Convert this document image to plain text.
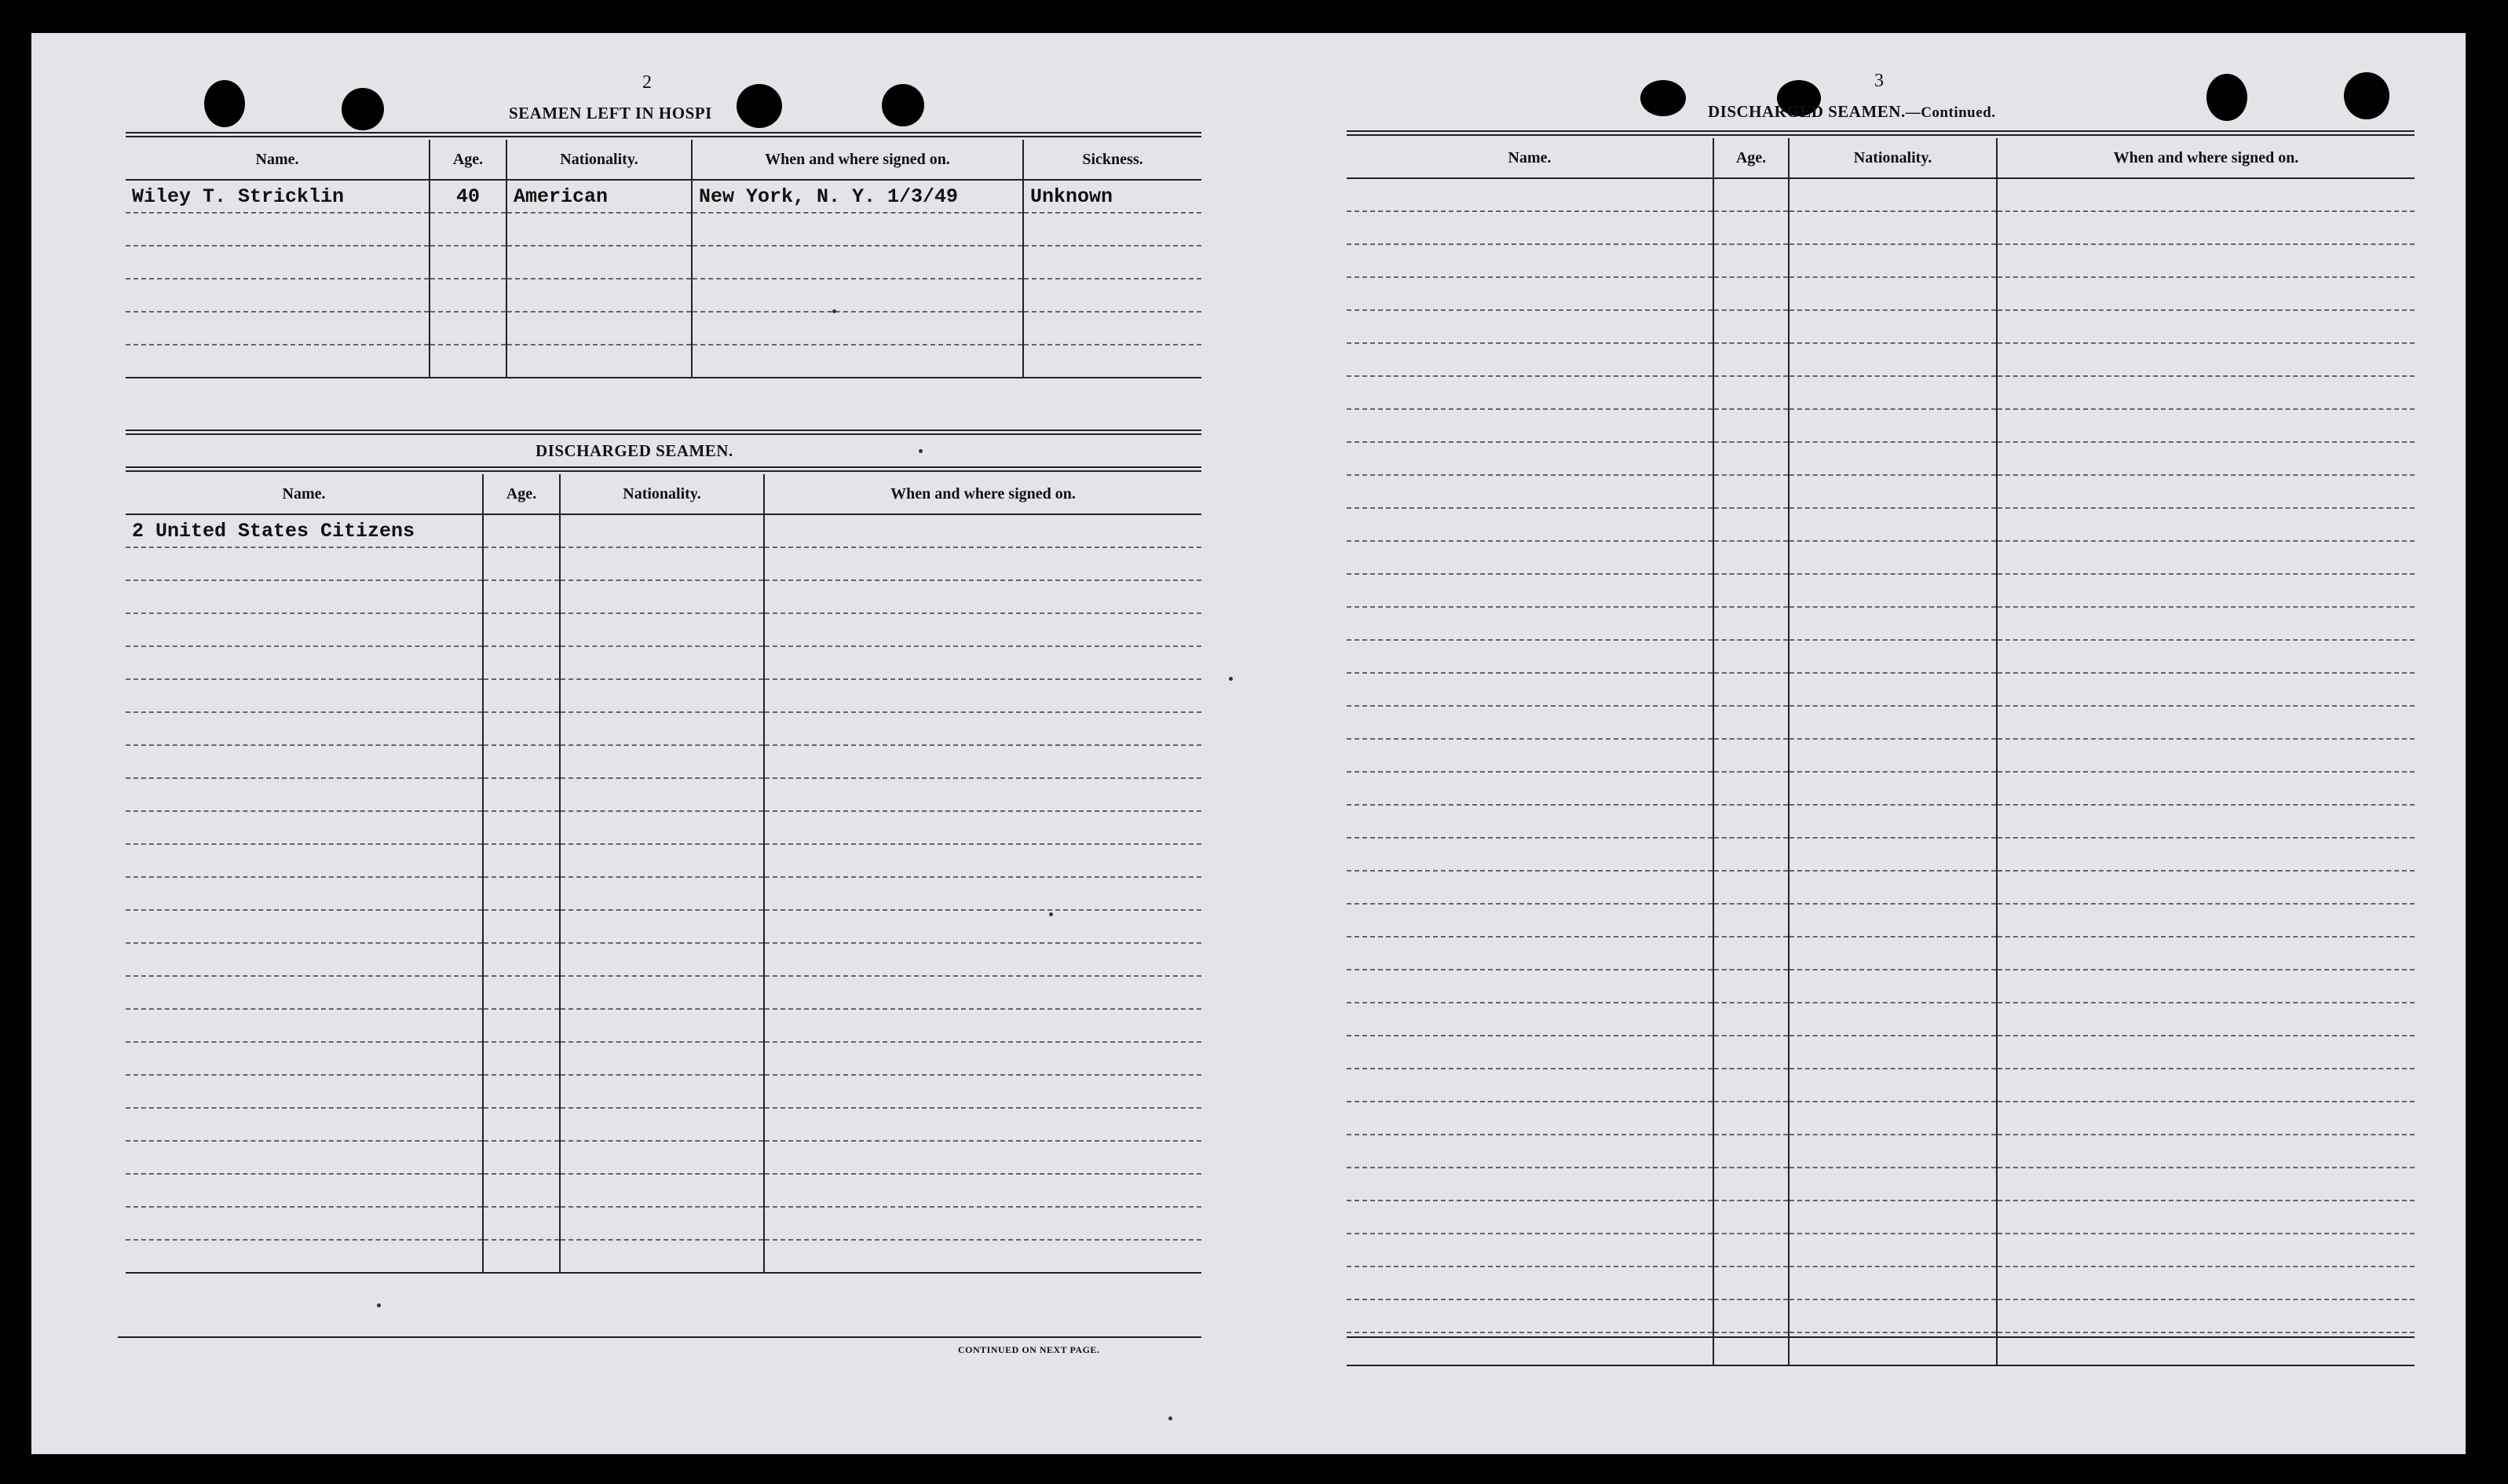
2
SEAMEN LEFT IN HOSPI
Name.	Age.	Nationality.	When and where signed on.	Sickness.
Wiley T. Stricklin	40	American	New York, N. Y. 1/3/49	Unknown

DISCHARGED SEAMEN.
Name.	Age.	Nationality.	When and where signed on.
2 United States Citizens			

CONTINUED ON NEXT PAGE.
3
DISCHARGED SEAMEN.—Continued.
Name.	Age.	Nationality.	When and where signed on.
